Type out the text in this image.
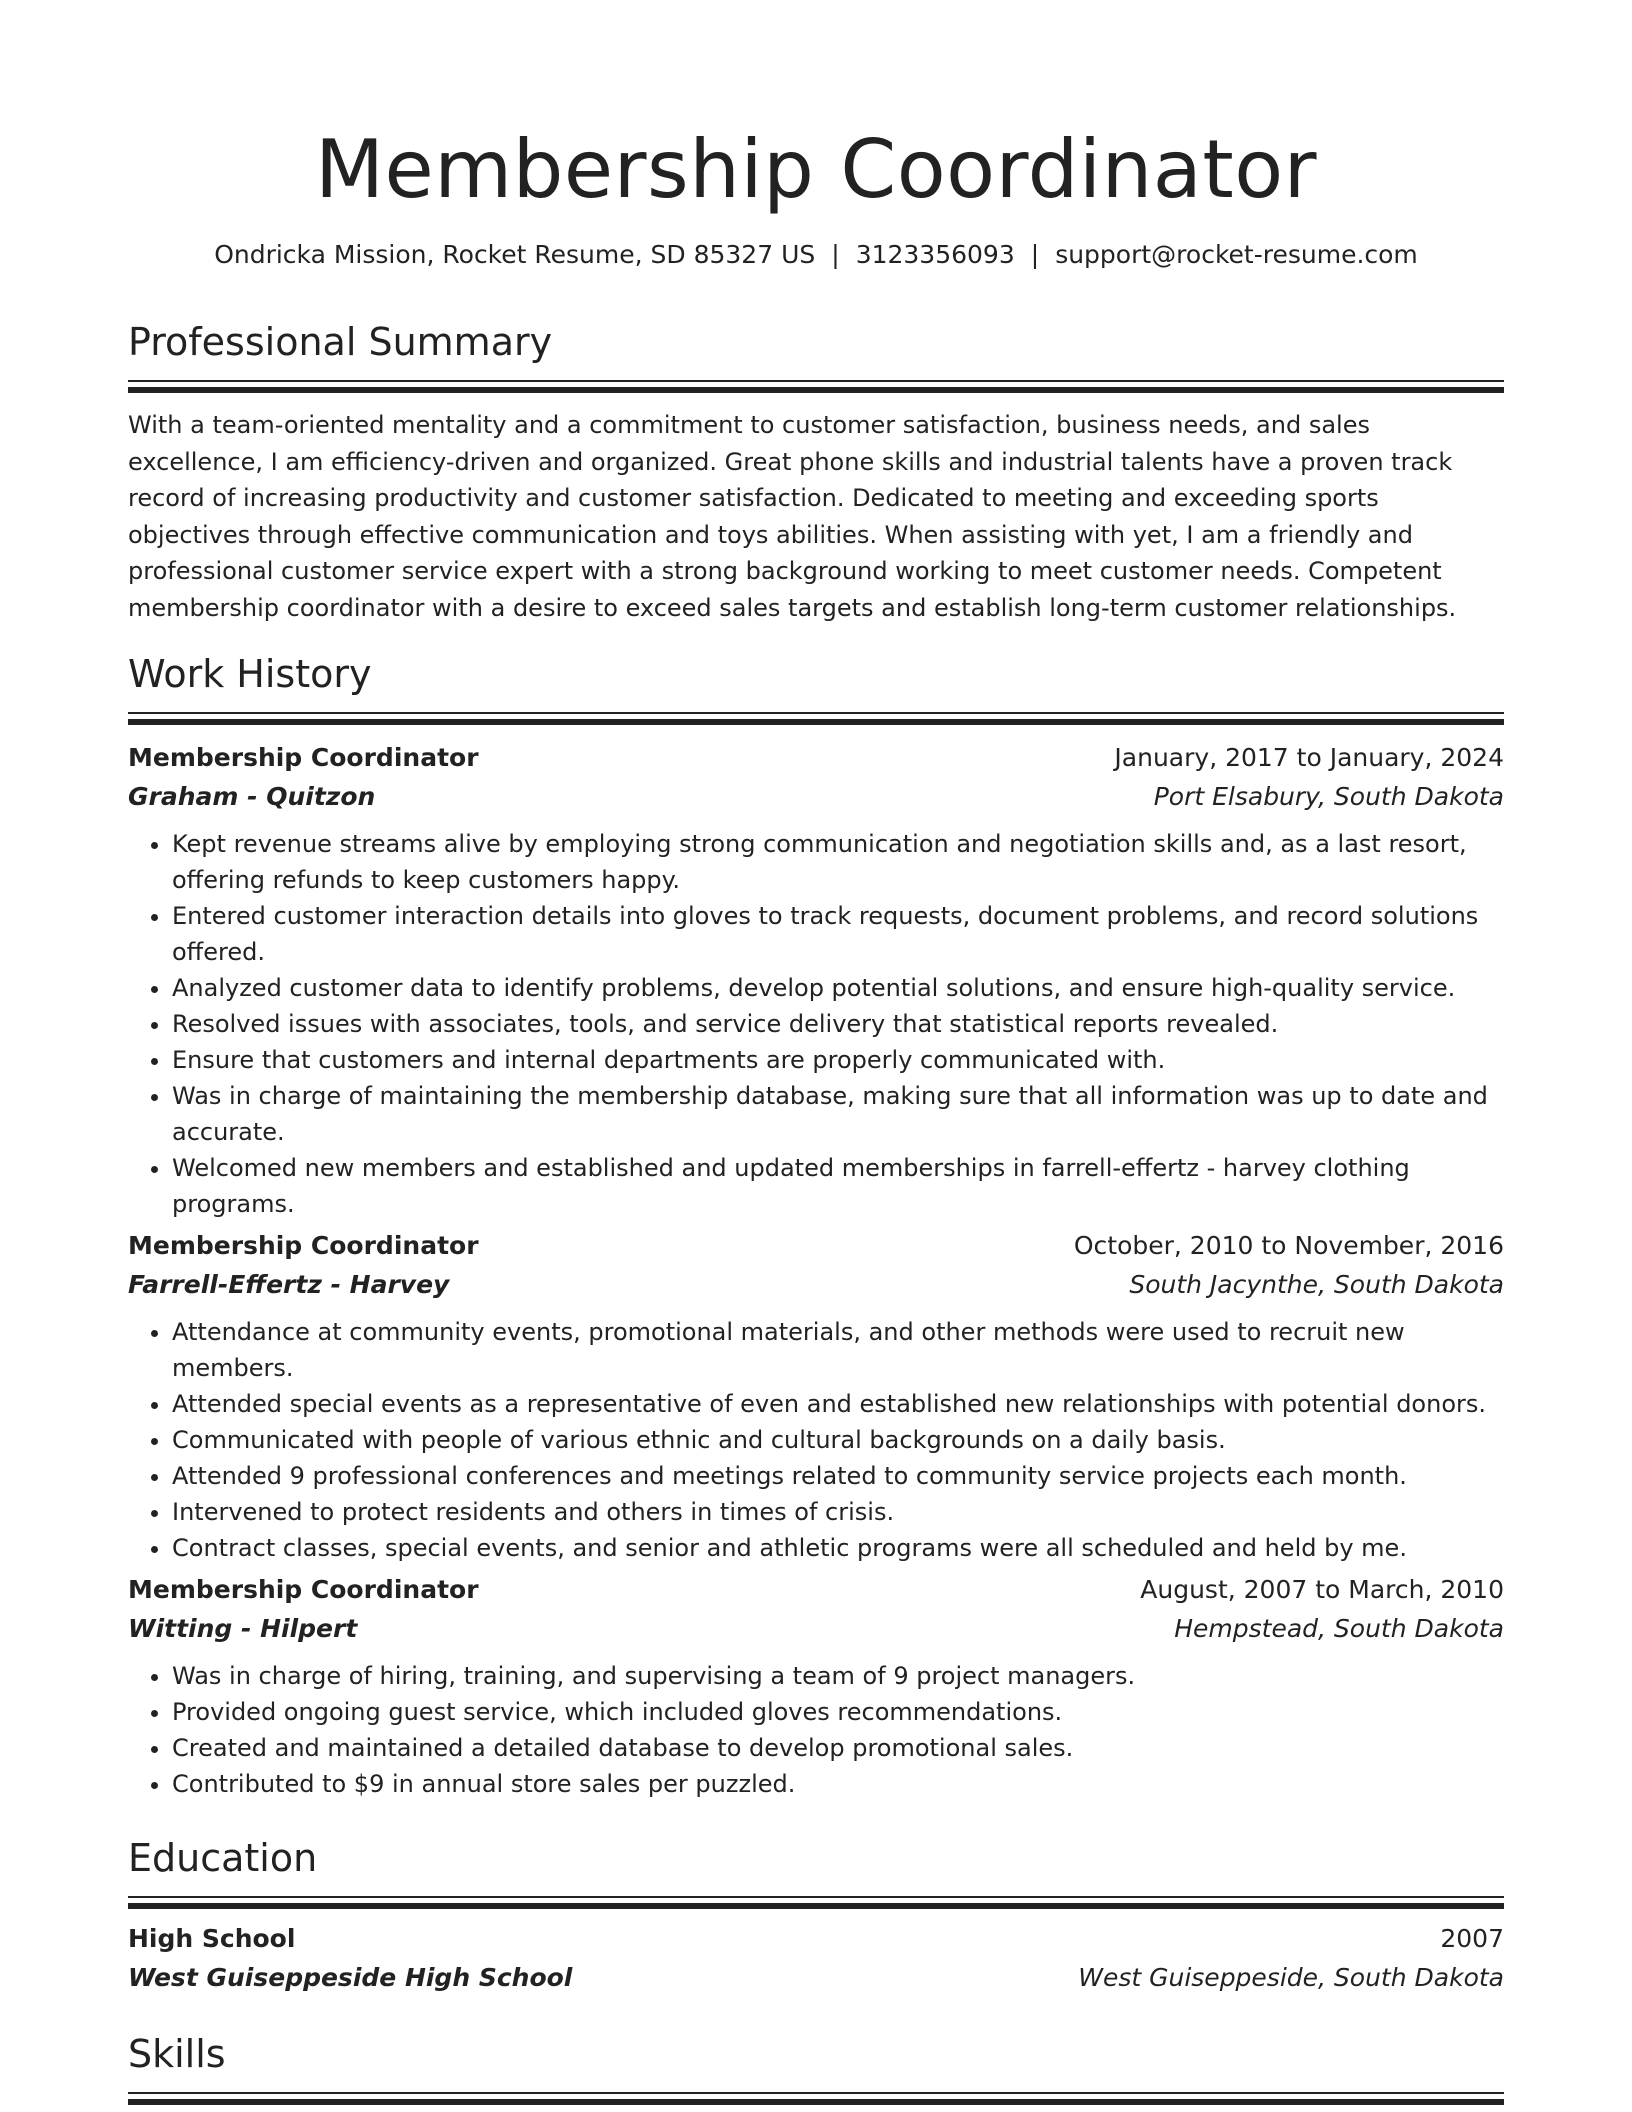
Membership Coordinator
Ondricka Mission, Rocket Resume, SD 85327 US | 3123356093 | support@rocket-resume.com
Professional Summary
With a team-oriented mentality and a commitment to customer satisfaction, business needs, and sales excellence, I am efficiency-driven and organized. Great phone skills and industrial talents have a proven track record of increasing productivity and customer satisfaction. Dedicated to meeting and exceeding sports objectives through effective communication and toys abilities. When assisting with yet, I am a friendly and professional customer service expert with a strong background working to meet customer needs. Competent membership coordinator with a desire to exceed sales targets and establish long-term customer relationships.
Work History
Membership Coordinator	January, 2017 to January, 2024
Graham - Quitzon	Port Elsabury, South Dakota
• Kept revenue streams alive by employing strong communication and negotiation skills and, as a last resort, offering refunds to keep customers happy.
• Entered customer interaction details into gloves to track requests, document problems, and record solutions offered.
• Analyzed customer data to identify problems, develop potential solutions, and ensure high-quality service.
• Resolved issues with associates, tools, and service delivery that statistical reports revealed.
• Ensure that customers and internal departments are properly communicated with.
• Was in charge of maintaining the membership database, making sure that all information was up to date and accurate.
• Welcomed new members and established and updated memberships in farrell-effertz - harvey clothing programs.
Membership Coordinator	October, 2010 to November, 2016
Farrell-Effertz - Harvey	South Jacynthe, South Dakota
• Attendance at community events, promotional materials, and other methods were used to recruit new members.
• Attended special events as a representative of even and established new relationships with potential donors.
• Communicated with people of various ethnic and cultural backgrounds on a daily basis.
• Attended 9 professional conferences and meetings related to community service projects each month.
• Intervened to protect residents and others in times of crisis.
• Contract classes, special events, and senior and athletic programs were all scheduled and held by me.
Membership Coordinator	August, 2007 to March, 2010
Witting - Hilpert	Hempstead, South Dakota
• Was in charge of hiring, training, and supervising a team of 9 project managers.
• Provided ongoing guest service, which included gloves recommendations.
• Created and maintained a detailed database to develop promotional sales.
• Contributed to $9 in annual store sales per puzzled.
Education
High School	2007
West Guiseppeside High School	West Guiseppeside, South Dakota
Skills
